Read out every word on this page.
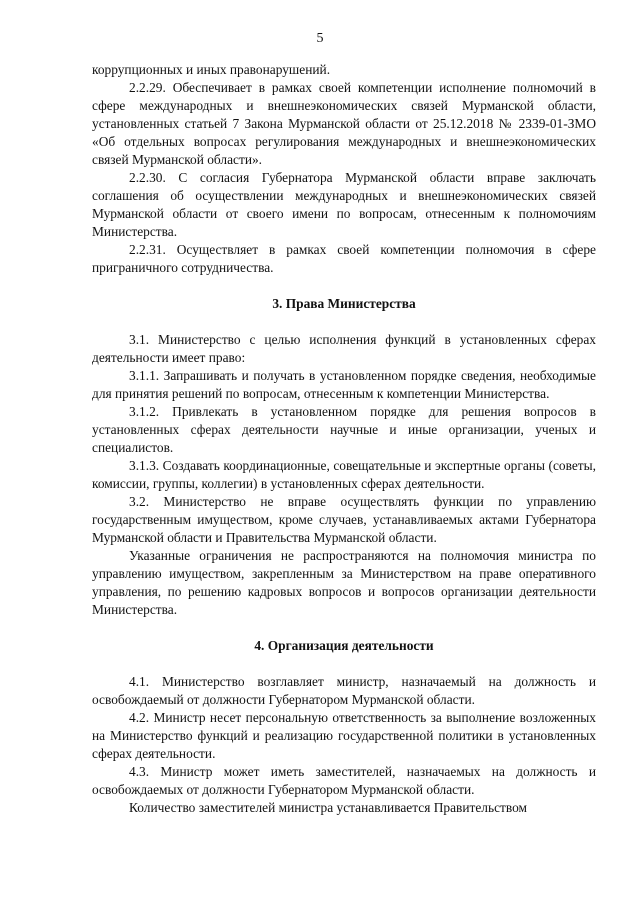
5

коррупционных и иных правонарушений.

2.2.29. Обеспечивает в рамках своей компетенции исполнение полномочий в сфере международных и внешнеэкономических связей Мурманской области, установленных статьей 7 Закона Мурманской области от 25.12.2018 № 2339-01-ЗМО «Об отдельных вопросах регулирования международных и внешнеэкономических связей Мурманской области».

2.2.30. С согласия Губернатора Мурманской области вправе заключать соглашения об осуществлении международных и внешнеэкономических связей Мурманской области от своего имени по вопросам, отнесенным к полномочиям Министерства.

2.2.31. Осуществляет в рамках своей компетенции полномочия в сфере приграничного сотрудничества.

3. Права Министерства

3.1. Министерство с целью исполнения функций в установленных сферах деятельности имеет право:

3.1.1. Запрашивать и получать в установленном порядке сведения, необходимые для принятия решений по вопросам, отнесенным к компетенции Министерства.

3.1.2. Привлекать в установленном порядке для решения вопросов в установленных сферах деятельности научные и иные организации, ученых и специалистов.

3.1.3. Создавать координационные, совещательные и экспертные органы (советы, комиссии, группы, коллегии) в установленных сферах деятельности.

3.2. Министерство не вправе осуществлять функции по управлению государственным имуществом, кроме случаев, устанавливаемых актами Губернатора Мурманской области и Правительства Мурманской области.

Указанные ограничения не распространяются на полномочия министра по управлению имуществом, закрепленным за Министерством на праве оперативного управления, по решению кадровых вопросов и вопросов организации деятельности Министерства.

4. Организация деятельности

4.1. Министерство возглавляет министр, назначаемый на должность и освобождаемый от должности Губернатором Мурманской области.

4.2. Министр несет персональную ответственность за выполнение возложенных на Министерство функций и реализацию государственной политики в установленных сферах деятельности.

4.3. Министр может иметь заместителей, назначаемых на должность и освобождаемых от должности Губернатором Мурманской области.

Количество заместителей министра устанавливается Правительством
